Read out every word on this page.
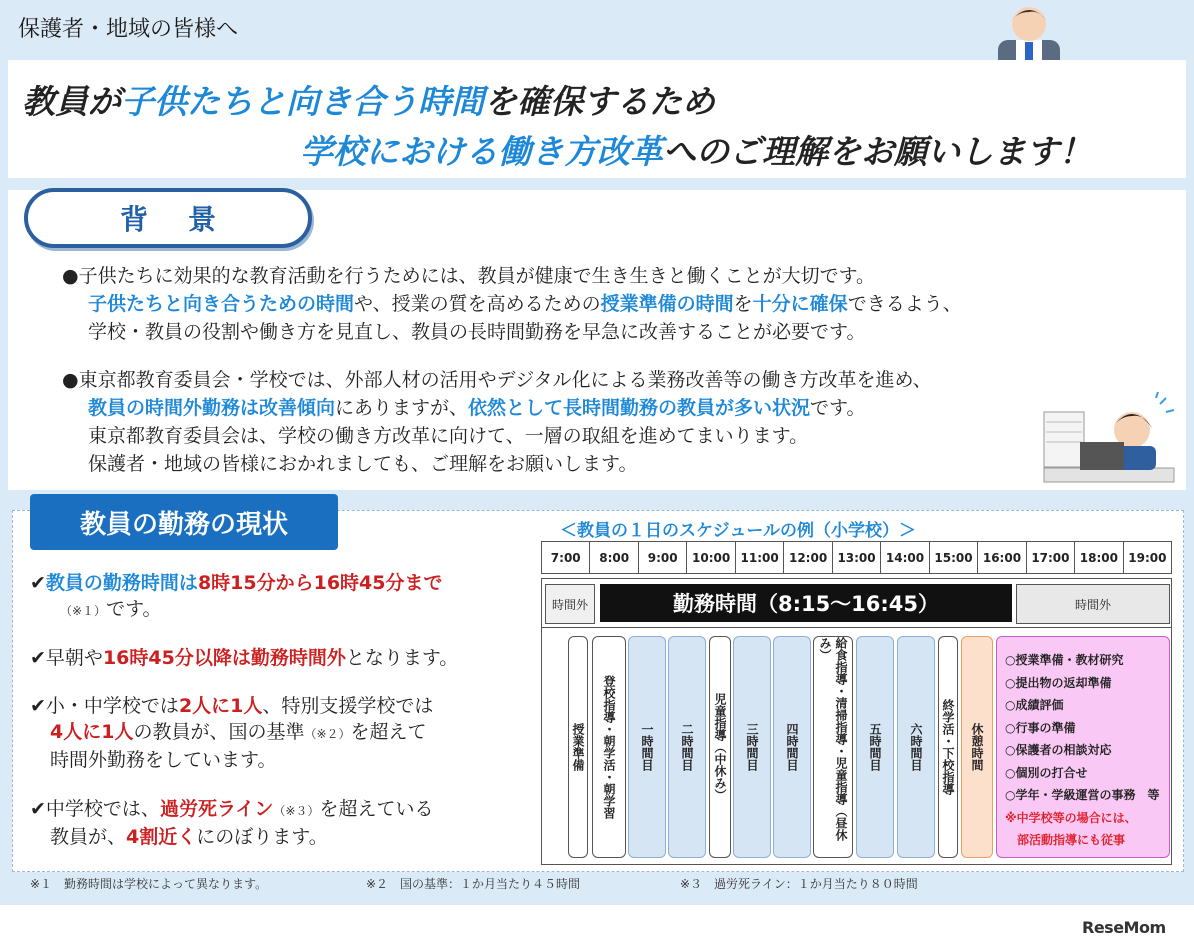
保護者・地域の皆様へ
教員が子供たちと向き合う時間を確保するため
学校における働き方改革へのご理解をお願いします！
背景
●子供たちに効果的な教育活動を行うためには、教員が健康で生き生きと働くことが大切です。
子供たちと向き合うための時間や、授業の質を高めるための授業準備の時間を十分に確保できるよう、
学校・教員の役割や働き方を見直し、教員の長時間勤務を早急に改善することが必要です。
●東京都教育委員会・学校では、外部人材の活用やデジタル化による業務改善等の働き方改革を進め、
教員の時間外勤務は改善傾向にありますが、依然として長時間勤務の教員が多い状況です。
東京都教育委員会は、学校の働き方改革に向けて、一層の取組を進めてまいります。
保護者・地域の皆様におかれましても、ご理解をお願いします。
教員の勤務の現状
✔教員の勤務時間は8時15分から16時45分まで
（※１）です。
✔早朝や16時45分以降は勤務時間外となります。
✔小・中学校では2人に1人、特別支援学校では
4人に1人の教員が、国の基準（※２）を超えて
時間外勤務をしています。
✔中学校では、過労死ライン（※３）を超えている
教員が、4割近くにのぼります。
＜教員の１日のスケジュールの例（小学校）＞
7:00	8:00	9:00	10:00 11:00 12:00 13:00 14:00 15:00 16:00 17:00 18:00 19:00
時間外	勤務時間（8:15～16:45）	時間外
授業準備	登校指導・朝学活・朝学習	一時間目	二時間目	児童指導（中休み）	三時間目	四時間目	給食指導・清掃指導・児童指導（昼休み）
五時間目	六時間目	終学活・下校指導	休憩時間
○授業準備・教材研究
○提出物の返却準備
○成績評価
○行事の準備
○保護者の相談対応
○個別の打合せ
○学年・学級運営の事務　等
※中学校等の場合には、
部活動指導にも従事
※１　勤務時間は学校によって異なります。	※２　国の基準：１か月当たり４５時間	※３　過労死ライン：１か月当たり８０時間
ReseMom
